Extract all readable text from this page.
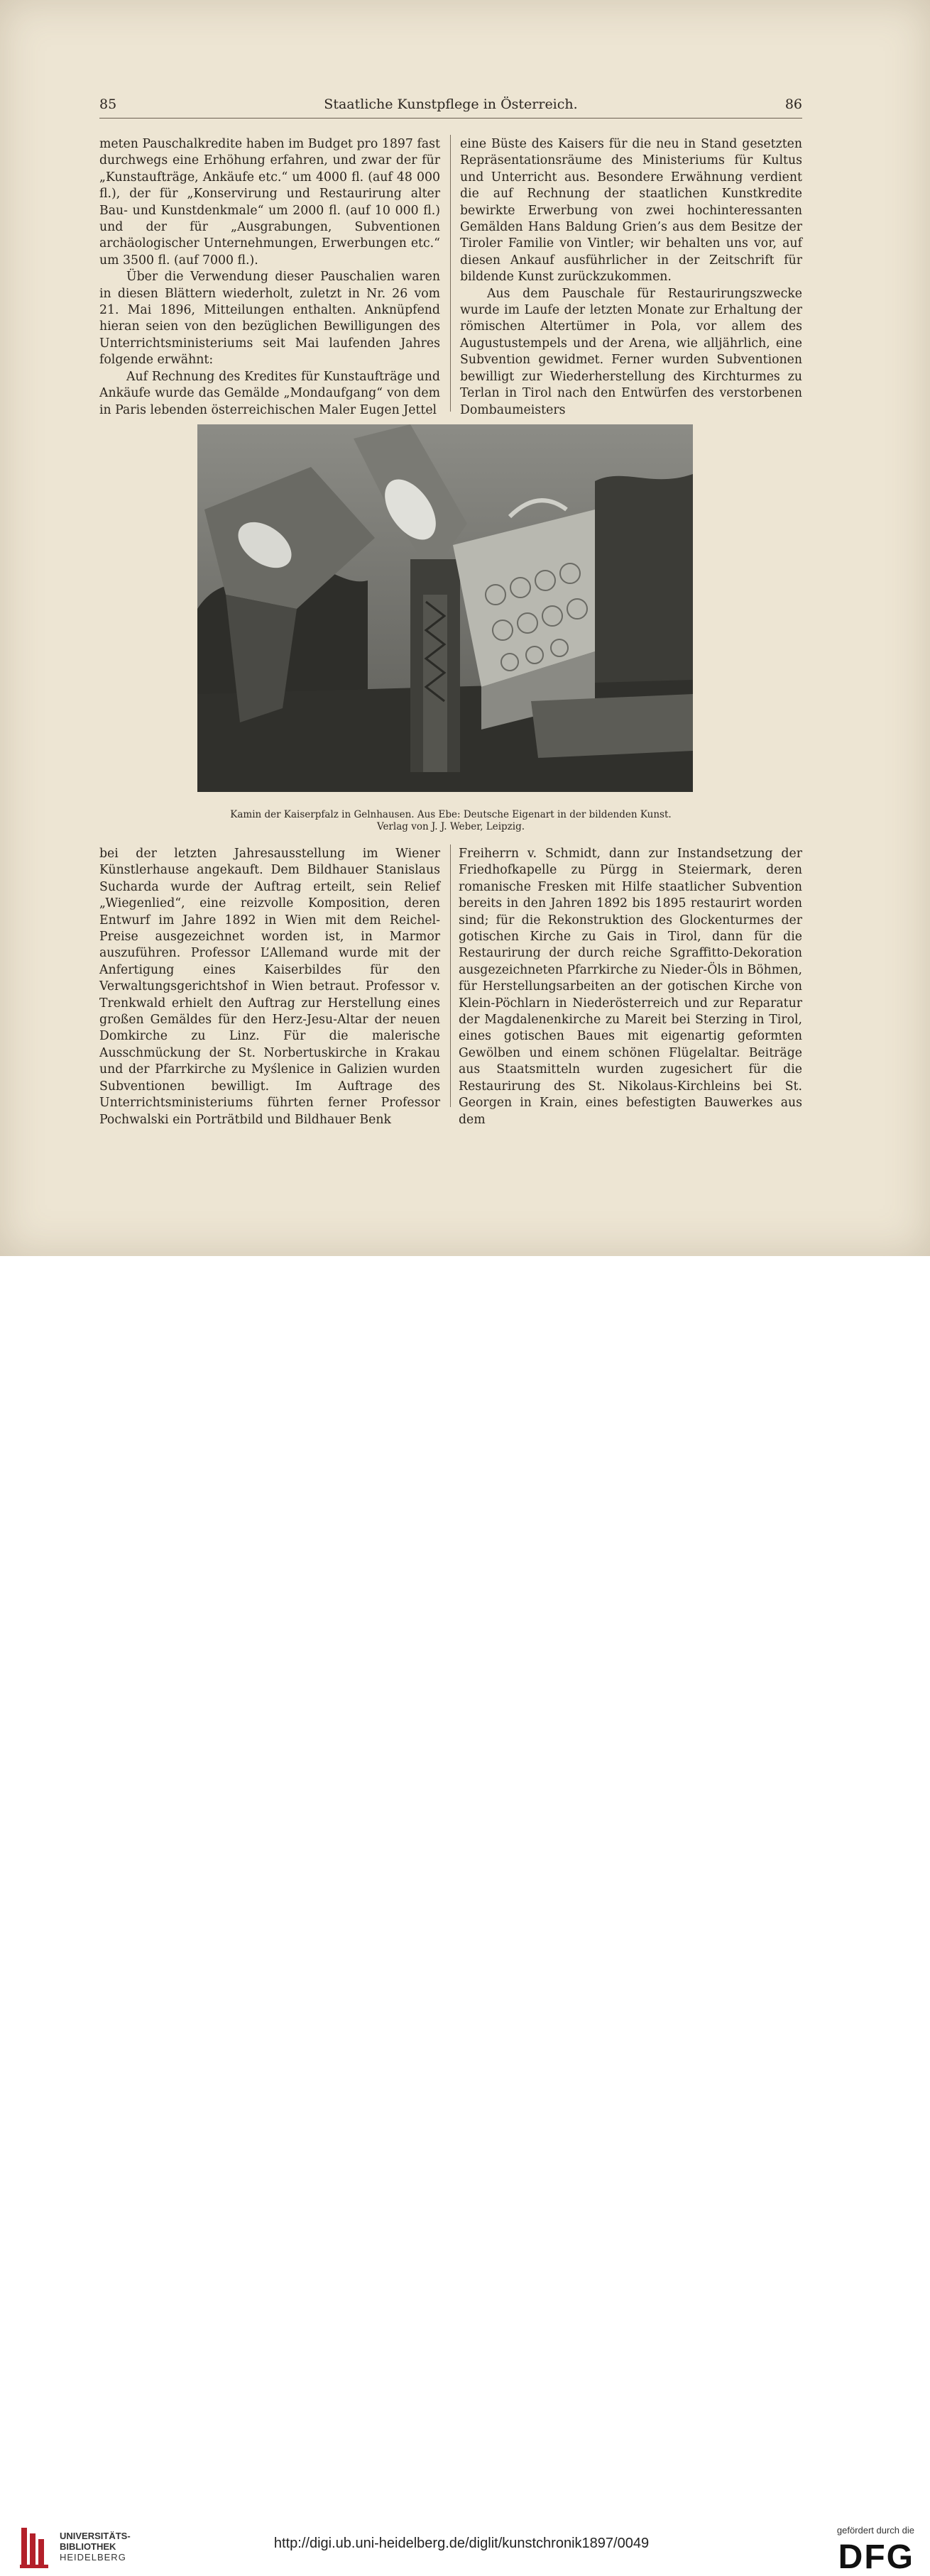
85	Staatliche Kunstpflege in Österreich.	86

meten Pauschalkredite haben im Budget pro 1897 fast durchwegs eine Erhöhung erfahren, und zwar der für „Kunstaufträge, Ankäufe etc.“ um 4000 fl. (auf 48 000 fl.), der für „Konservirung und Restaurirung alter Bau- und Kunstdenkmale“ um 2000 fl. (auf 10 000 fl.) und der für „Ausgrabungen, Subventionen archäologischer Unternehmungen, Erwerbungen etc.“ um 3500 fl. (auf 7000 fl.).

Über die Verwendung dieser Pauschalien waren in diesen Blättern wiederholt, zuletzt in Nr. 26 vom 21. Mai 1896, Mitteilungen enthalten. Anknüpfend hieran seien von den bezüglichen Bewilligungen des Unterrichtsministeriums seit Mai laufenden Jahres folgende erwähnt:

Auf Rechnung des Kredites für Kunstaufträge und Ankäufe wurde das Gemälde „Mondaufgang“ von dem in Paris lebenden österreichischen Maler Eugen Jettel

eine Büste des Kaisers für die neu in Stand gesetzten Repräsentationsräume des Ministeriums für Kultus und Unterricht aus. Besondere Erwähnung verdient die auf Rechnung der staatlichen Kunstkredite bewirkte Erwerbung von zwei hochinteressanten Gemälden Hans Baldung Grien’s aus dem Besitze der Tiroler Familie von Vintler; wir behalten uns vor, auf diesen Ankauf ausführlicher in der Zeitschrift für bildende Kunst zurückzukommen.

Aus dem Pauschale für Restaurirungszwecke wurde im Laufe der letzten Monate zur Erhaltung der römischen Altertümer in Pola, vor allem des Augustustempels und der Arena, wie alljährlich, eine Subvention gewidmet. Ferner wurden Subventionen bewilligt zur Wiederherstellung des Kirchturmes zu Terlan in Tirol nach den Entwürfen des verstorbenen Dombaumeisters

Kamin der Kaiserpfalz in Gelnhausen. Aus Ebe: Deutsche Eigenart in der bildenden Kunst.
Verlag von J. J. Weber, Leipzig.

bei der letzten Jahresausstellung im Wiener Künstlerhause angekauft. Dem Bildhauer Stanislaus Sucharda wurde der Auftrag erteilt, sein Relief „Wiegenlied“, eine reizvolle Komposition, deren Entwurf im Jahre 1892 in Wien mit dem Reichel-Preise ausgezeichnet worden ist, in Marmor auszuführen. Professor L’Allemand wurde mit der Anfertigung eines Kaiserbildes für den Verwaltungsgerichtshof in Wien betraut. Professor v. Trenkwald erhielt den Auftrag zur Herstellung eines großen Gemäldes für den Herz-Jesu-Altar der neuen Domkirche zu Linz. Für die malerische Ausschmückung der St. Norbertuskirche in Krakau und der Pfarrkirche zu Myślenice in Galizien wurden Subventionen bewilligt. Im Auftrage des Unterrichtsministeriums führten ferner Professor Pochwalski ein Porträtbild und Bildhauer Benk

Freiherrn v. Schmidt, dann zur Instandsetzung der Friedhofkapelle zu Pürgg in Steiermark, deren romanische Fresken mit Hilfe staatlicher Subvention bereits in den Jahren 1892 bis 1895 restaurirt worden sind; für die Rekonstruktion des Glockenturmes der gotischen Kirche zu Gais in Tirol, dann für die Restaurirung der durch reiche Sgraffitto-Dekoration ausgezeichneten Pfarrkirche zu Nieder-Öls in Böhmen, für Herstellungsarbeiten an der gotischen Kirche von Klein-Pöchlarn in Niederösterreich und zur Reparatur der Magdalenenkirche zu Mareit bei Sterzing in Tirol, eines gotischen Baues mit eigenartig geformten Gewölben und einem schönen Flügelaltar. Beiträge aus Staatsmitteln wurden zugesichert für die Restaurirung des St. Nikolaus-Kirchleins bei St. Georgen in Krain, eines befestigten Bauwerkes aus dem

UNIVERSITÄTS-
BIBLIOTHEK
HEIDELBERG
http://digi.ub.uni-heidelberg.de/diglit/kunstchronik1897/0049
gefördert durch die
DFG
